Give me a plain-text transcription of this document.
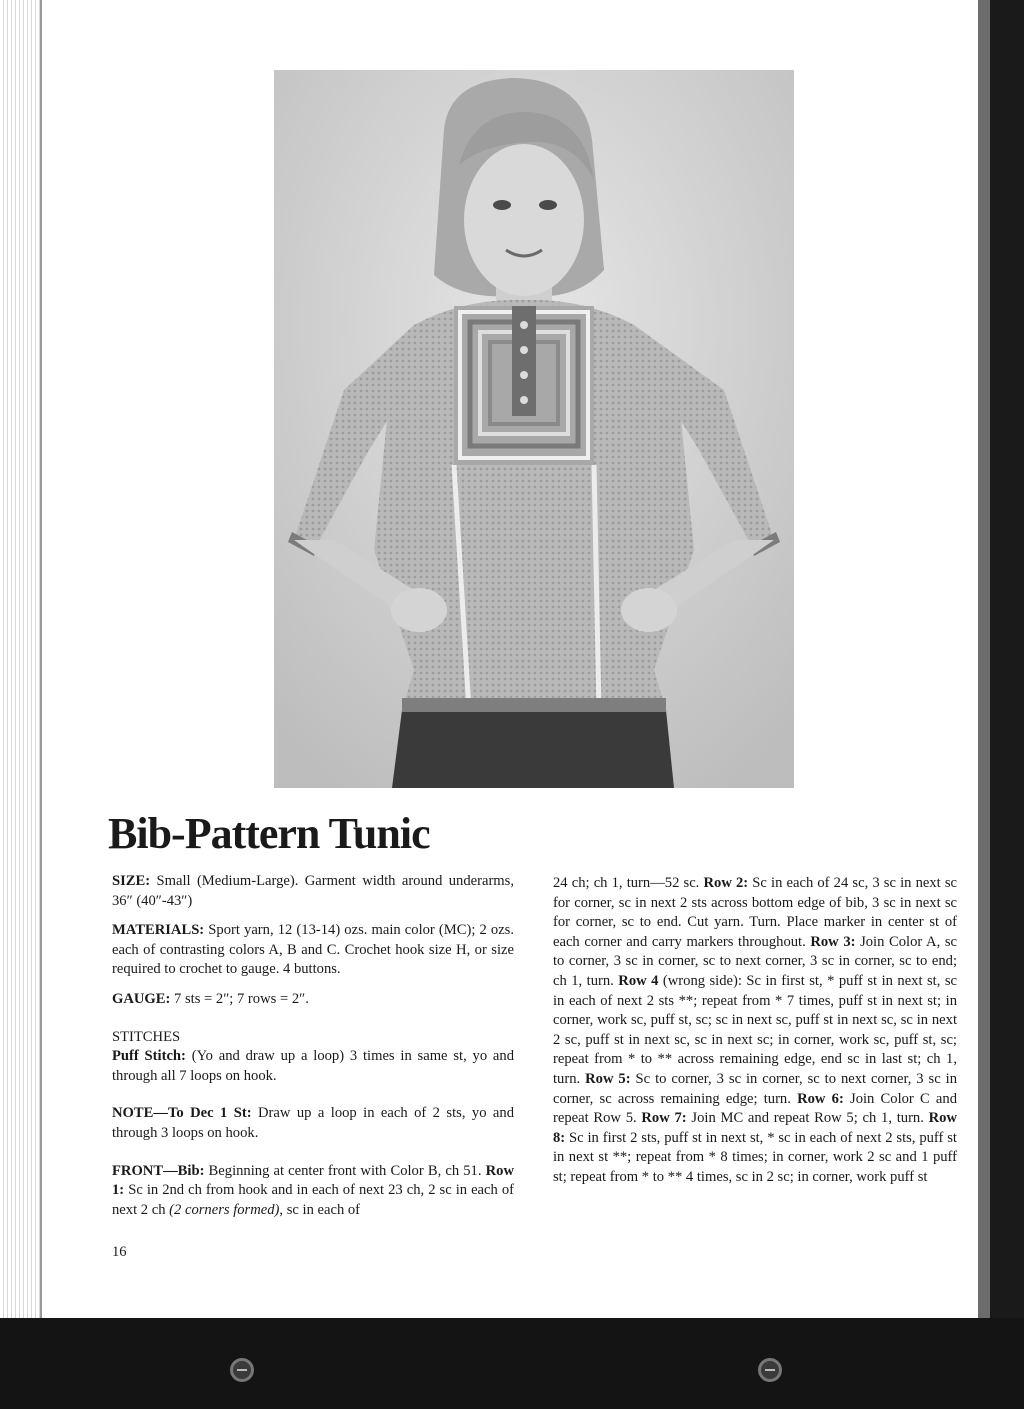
Bib-Pattern Tunic

SIZE: Small (Medium-Large). Garment width around underarms, 36″ (40″-43″)

MATERIALS: Sport yarn, 12 (13-14) ozs. main color (MC); 2 ozs. each of contrasting colors A, B and C. Crochet hook size H, or size required to crochet to gauge. 4 buttons.

GAUGE: 7 sts = 2″; 7 rows = 2″.

STITCHES

Puff Stitch: (Yo and draw up a loop) 3 times in same st, yo and through all 7 loops on hook.

NOTE—To Dec 1 St: Draw up a loop in each of 2 sts, yo and through 3 loops on hook.

FRONT—Bib: Beginning at center front with Color B, ch 51. Row 1: Sc in 2nd ch from hook and in each of next 23 ch, 2 sc in each of next 2 ch (2 corners formed), sc in each of

24 ch; ch 1, turn—52 sc. Row 2: Sc in each of 24 sc, 3 sc in next sc for corner, sc in next 2 sts across bottom edge of bib, 3 sc in next sc for corner, sc to end. Cut yarn. Turn. Place marker in center st of each corner and carry markers throughout. Row 3: Join Color A, sc to corner, 3 sc in corner, sc to next corner, 3 sc in corner, sc to end; ch 1, turn. Row 4 (wrong side): Sc in first st, * puff st in next st, sc in each of next 2 sts **; repeat from * 7 times, puff st in next st; in corner, work sc, puff st, sc; sc in next sc, puff st in next sc, sc in next 2 sc, puff st in next sc, sc in next sc; in corner, work sc, puff st, sc; repeat from * to ** across remaining edge, end sc in last st; ch 1, turn. Row 5: Sc to corner, 3 sc in corner, sc to next corner, 3 sc in corner, sc across remaining edge; turn. Row 6: Join Color C and repeat Row 5. Row 7: Join MC and repeat Row 5; ch 1, turn. Row 8: Sc in first 2 sts, puff st in next st, * sc in each of next 2 sts, puff st in next st **; repeat from * 8 times; in corner, work 2 sc and 1 puff st; repeat from * to ** 4 times, sc in 2 sc; in corner, work puff st

16
